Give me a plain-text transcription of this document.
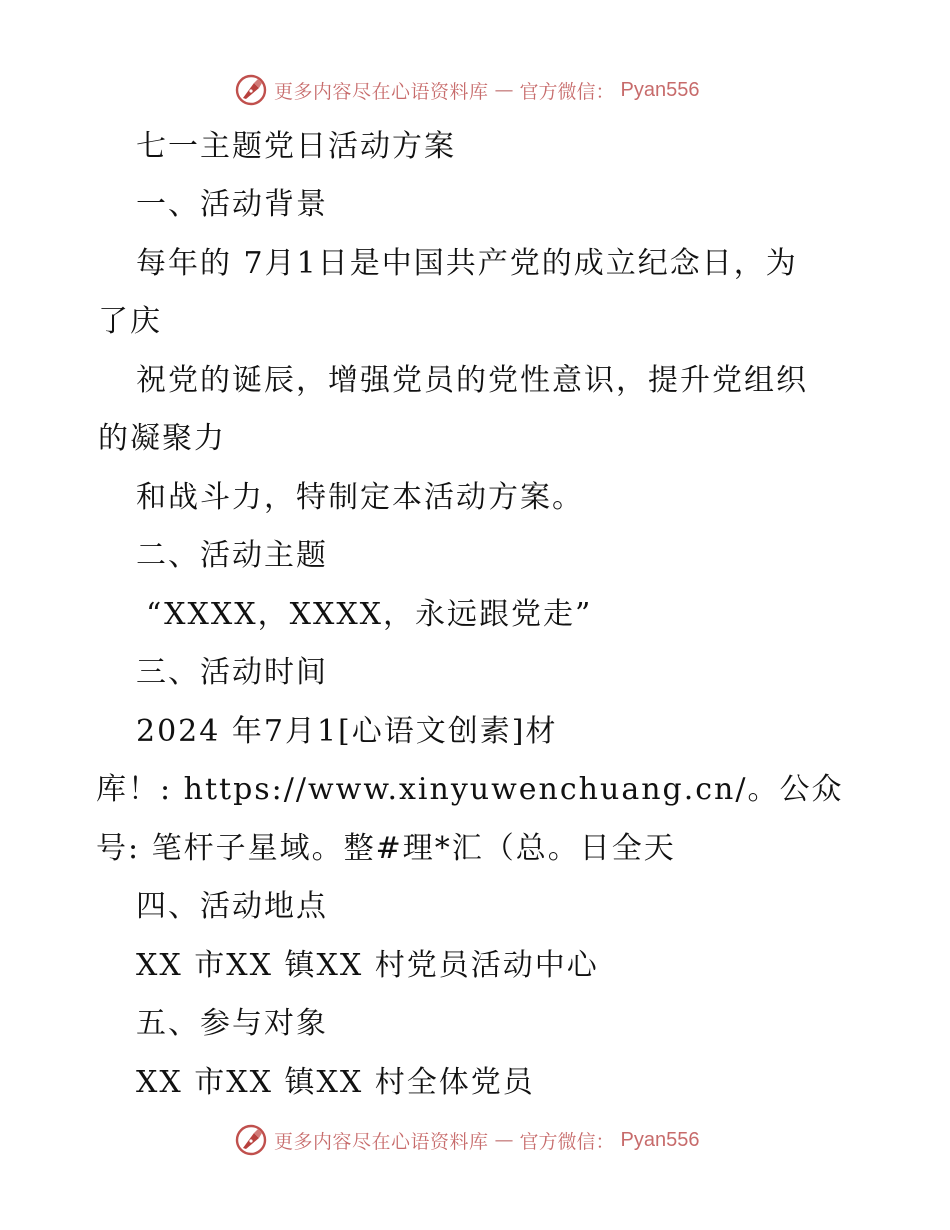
更多内容尽在心语资料库 — 官方微信： Pyan556

七一主题党日活动方案

一、活动背景

每年的 7月1日是中国共产党的成立纪念日，为

了庆

祝党的诞辰，增强党员的党性意识，提升党组织

的凝聚力

和战斗力，特制定本活动方案。

二、活动主题

“XXXX，XXXX，永远跟党走”

三、活动时间

2024 年7月1[心语文创素]材

库！: https://www.xinyuwenchuang.cn/。公众

号: 笔杆子星域。整#理*汇（总。日全天

四、活动地点

XX 市XX 镇XX 村党员活动中心

五、参与对象

XX 市XX 镇XX 村全体党员

更多内容尽在心语资料库 — 官方微信： Pyan556
